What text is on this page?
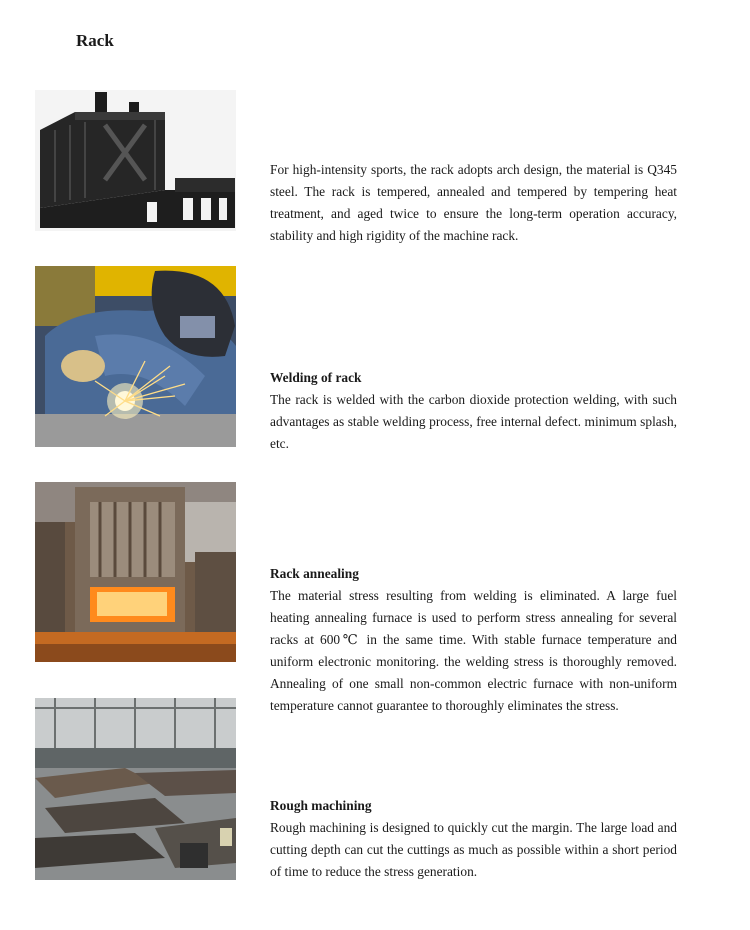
Rack

For high-intensity sports, the rack adopts arch design, the material is Q345 steel. The rack is tempered, annealed and tempered by tempering heat treatment, and aged twice to ensure the long-term operation accuracy, stability and high rigidity of the machine rack.

Welding of rack

The rack is welded with the carbon dioxide protection welding, with such advantages as stable welding process, free internal defect. minimum splash, etc.

Rack annealing

The material stress resulting from welding is eliminated. A large fuel heating annealing furnace is used to perform stress annealing for several racks at 600℃ in the same time. With stable furnace temperature and uniform electronic monitoring. the welding stress is thoroughly removed. Annealing of one small non-common electric furnace with non-uniform temperature cannot guarantee to thoroughly eliminates the stress.

Rough machining

Rough machining is designed to quickly cut the margin. The large load and cutting depth can cut the cuttings as much as possible within a short period of time to reduce the stress generation.
